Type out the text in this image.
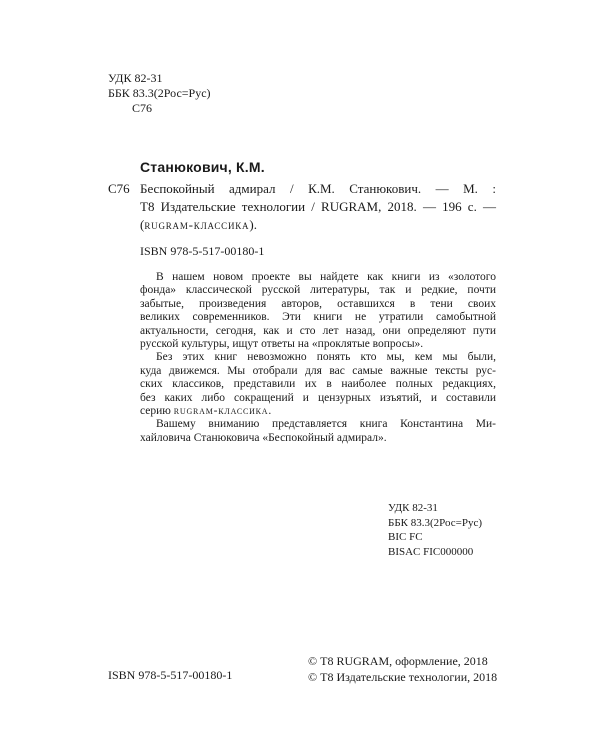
УДК 82-31
ББК 83.3(2Рос=Рус)
С76
Станюкович, К.М.
С76 Беспокойный адмирал / К.М. Станюкович. — М. :
Т8 Издательские технологии / RUGRAM, 2018. — 196 с. —
(rugram-классика).
ISBN 978-5-517-00180-1
В нашем новом проекте вы найдете как книги из «золотого
фонда» классической русской литературы, так и редкие, почти
забытые, произведения авторов, оставшихся в тени своих
великих современников. Эти книги не утратили самобытной
актуальности, сегодня, как и сто лет назад, они определяют пути
русской культуры, ищут ответы на «проклятые вопросы».
Без этих книг невозможно понять кто мы, кем мы были,
куда движемся. Мы отобрали для вас самые важные тексты рус-
ских классиков, представили их в наиболее полных редакциях,
без каких либо сокращений и цензурных изъятий, и составили
серию rugram-классика.
Вашему вниманию представляется книга Константина Ми-
хайловича Станюковича «Беспокойный адмирал».
УДК 82-31
ББК 83.3(2Рос=Рус)
BIC FC
BISAC FIC000000
ISBN 978-5-517-00180-1
© Т8 RUGRAM, оформление, 2018
© Т8 Издательские технологии, 2018
